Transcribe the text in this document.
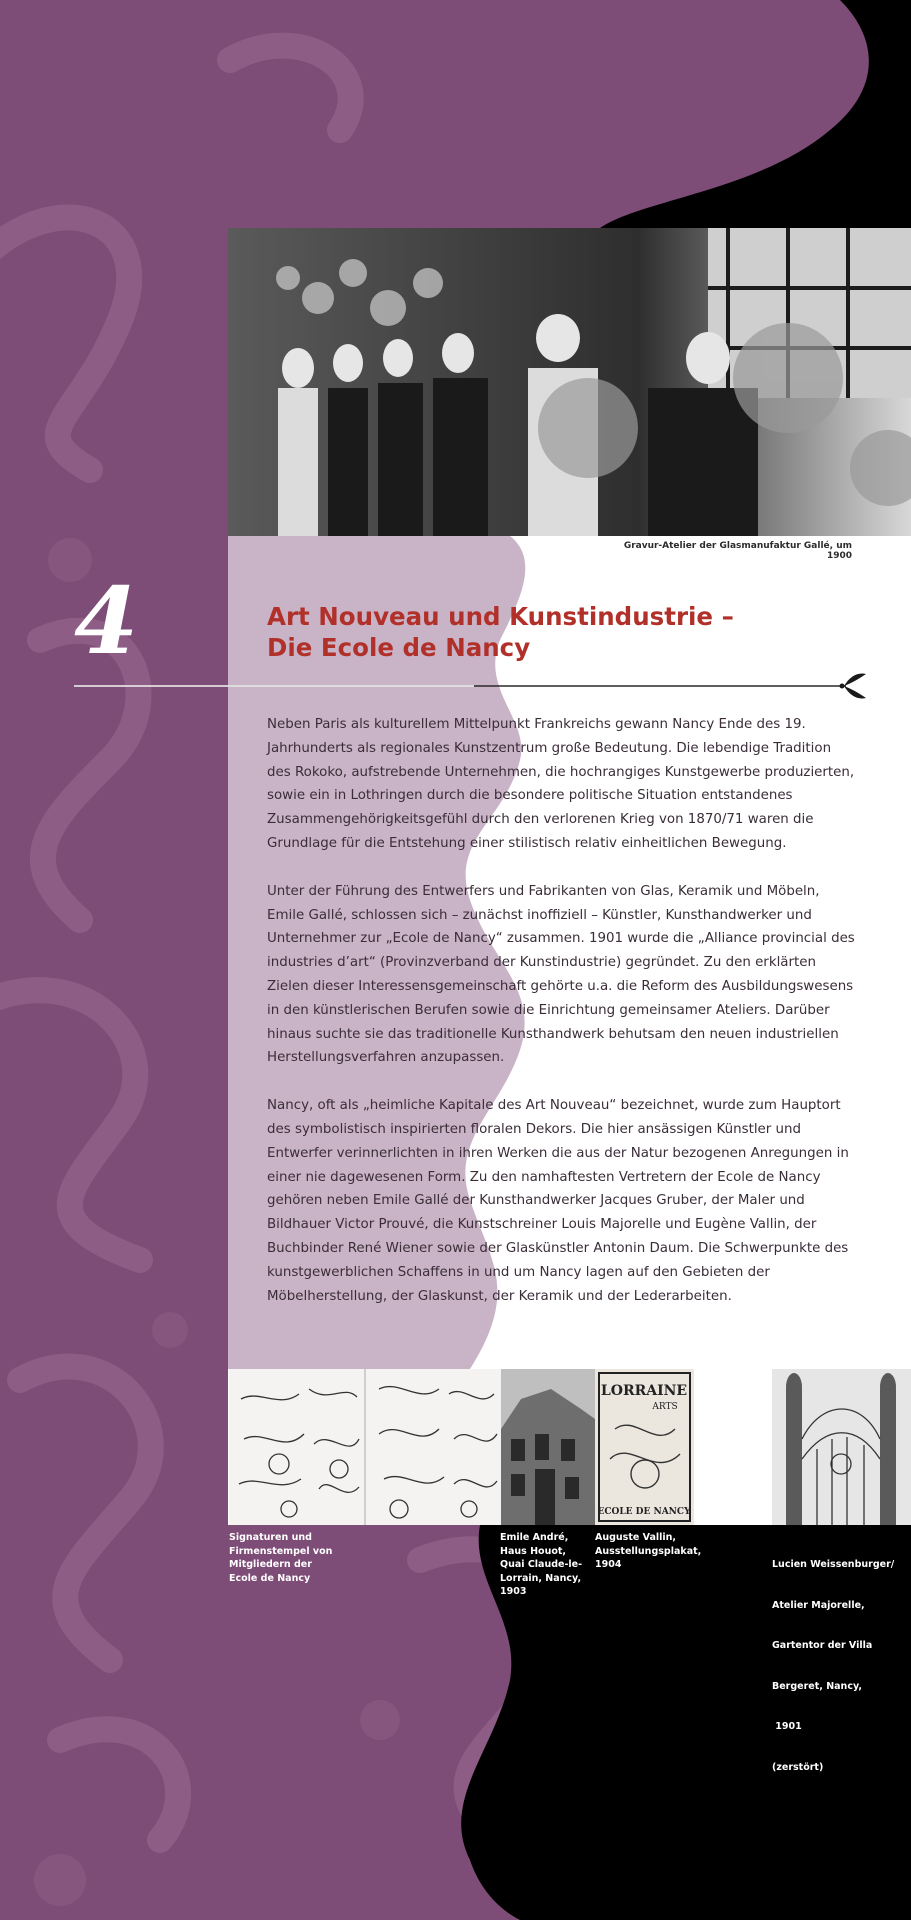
Gravur-Atelier der Glasmanufaktur Gallé, um 1900
4	Art Nouveau und Kunstindustrie –
Die Ecole de Nancy

Neben Paris als kulturellem Mittelpunkt Frankreichs gewann Nancy Ende des 19. Jahrhunderts als regionales Kunstzentrum große Bedeutung. Die lebendige Tradition des Rokoko, aufstrebende Unternehmen, die hochrangiges Kunstgewerbe produzierten, sowie ein in Lothringen durch die besondere politische Situation entstandenes Zusammengehörigkeitsgefühl durch den verlorenen Krieg von 1870/71 waren die Grundlage für die Entstehung einer stilistisch relativ einheitlichen Bewegung.

Unter der Führung des Entwerfers und Fabrikanten von Glas, Keramik und Möbeln, Emile Gallé, schlossen sich – zunächst inoffiziell – Künstler, Kunsthandwerker und Unternehmer zur „Ecole de Nancy“ zusammen. 1901 wurde die „Alliance provincial des industries d’art“ (Provinzverband der Kunstindustrie) gegründet. Zu den erklärten Zielen dieser Interessensgemeinschaft gehörte u.a. die Reform des Ausbildungswesens in den künstlerischen Berufen sowie die Einrichtung gemeinsamer Ateliers. Darüber hinaus suchte sie das traditionelle Kunsthandwerk behutsam den neuen industriellen Herstellungsverfahren anzupassen.

Nancy, oft als „heimliche Kapitale des Art Nouveau“ bezeichnet, wurde zum Hauptort des symbolistisch inspirierten floralen Dekors. Die hier ansässigen Künstler und Entwerfer verinnerlichten in ihren Werken die aus der Natur bezogenen Anregungen in einer nie dagewesenen Form. Zu den namhaftesten Vertretern der Ecole de Nancy gehören neben Emile Gallé der Kunsthandwerker Jacques Gruber, der Maler und Bildhauer Victor Prouvé, die Kunstschreiner Louis Majorelle und Eugène Vallin, der Buchbinder René Wiener sowie der Glaskünstler Antonin Daum. Die Schwerpunkte des kunstgewerblichen Schaffens in und um Nancy lagen auf den Gebieten der Möbelherstellung, der Glaskunst, der Keramik und der Lederarbeiten.

LORRAINE
ARTS
ECOLE DE NANCY
Signaturen und
Firmenstempel von
Mitgliedern der
Ecole de Nancy
Emile André,
Haus Houot,
Quai Claude-le-
Lorrain, Nancy,
1903
Auguste Vallin,
Ausstellungsplakat,
1904

	Lucien Weissenburger/

Atelier Majorelle,

Gartentor der Villa

Bergeret, Nancy,

1901

(zerstört)
